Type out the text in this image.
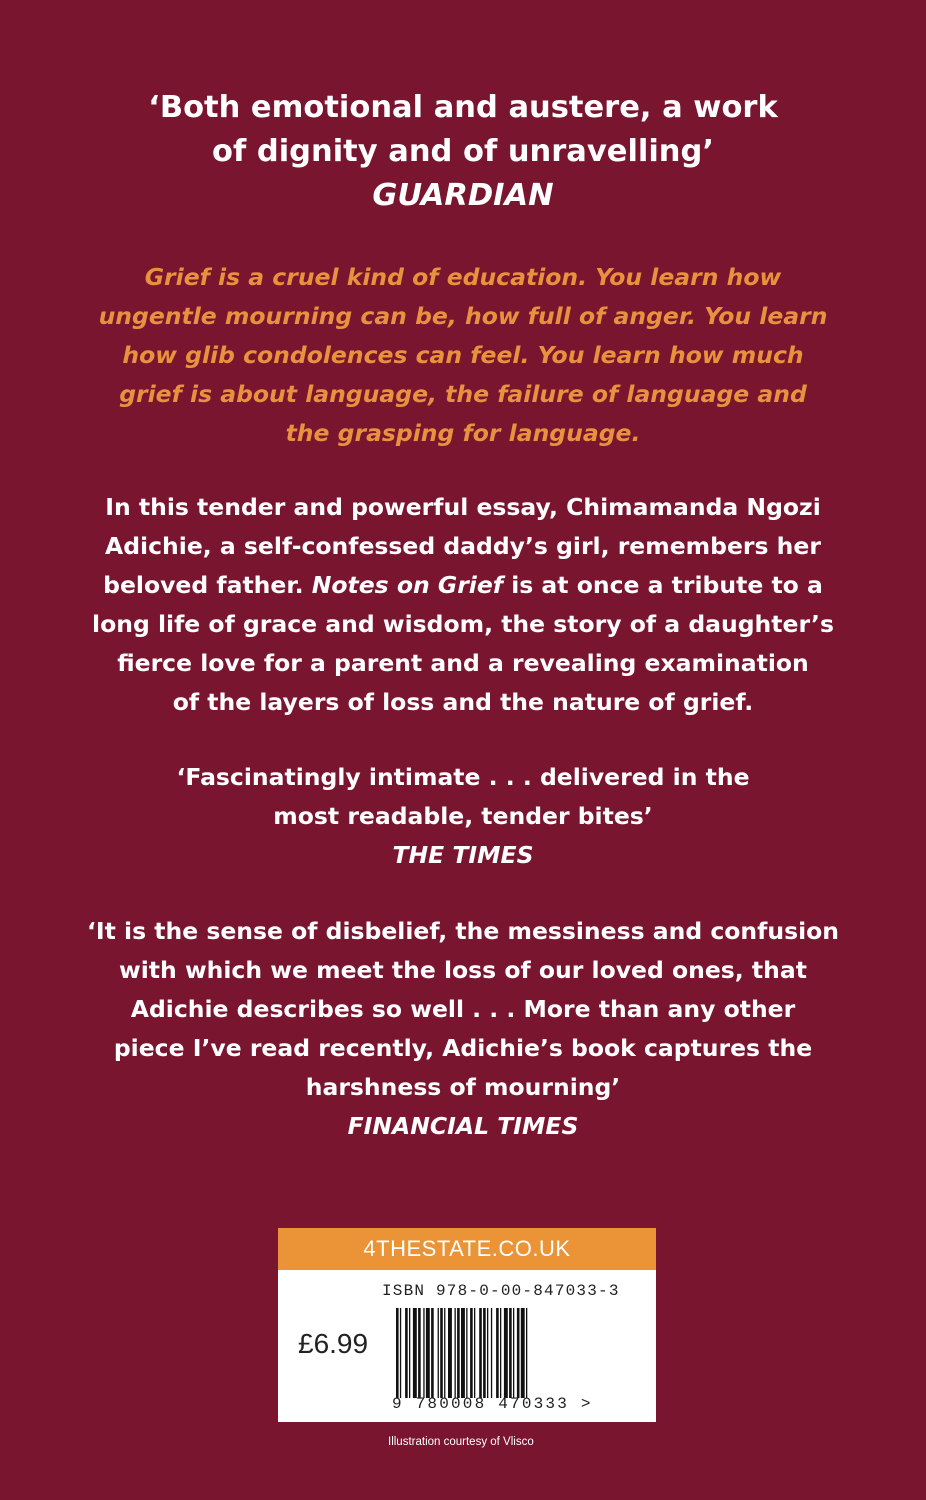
‘Both emotional and austere, a work
of dignity and of unravelling’
GUARDIAN
Grief is a cruel kind of education. You learn how
ungentle mourning can be, how full of anger. You learn
how glib condolences can feel. You learn how much
grief is about language, the failure of language and
the grasping for language.
In this tender and powerful essay, Chimamanda Ngozi
Adichie, a self-confessed daddy’s girl, remembers her
beloved father. Notes on Grief is at once a tribute to a
long life of grace and wisdom, the story of a daughter’s
fierce love for a parent and a revealing examination
of the layers of loss and the nature of grief.
‘Fascinatingly intimate . . . delivered in the
most readable, tender bites’
THE TIMES
‘It is the sense of disbelief, the messiness and confusion
with which we meet the loss of our loved ones, that
Adichie describes so well . . . More than any other
piece I’ve read recently, Adichie’s book captures the
harshness of mourning’
FINANCIAL TIMES
4THESTATE.CO.UK
ISBN 978-0-00-847033-3
£6.99
9 780008 470333 >
Illustration courtesy of Vlisco
